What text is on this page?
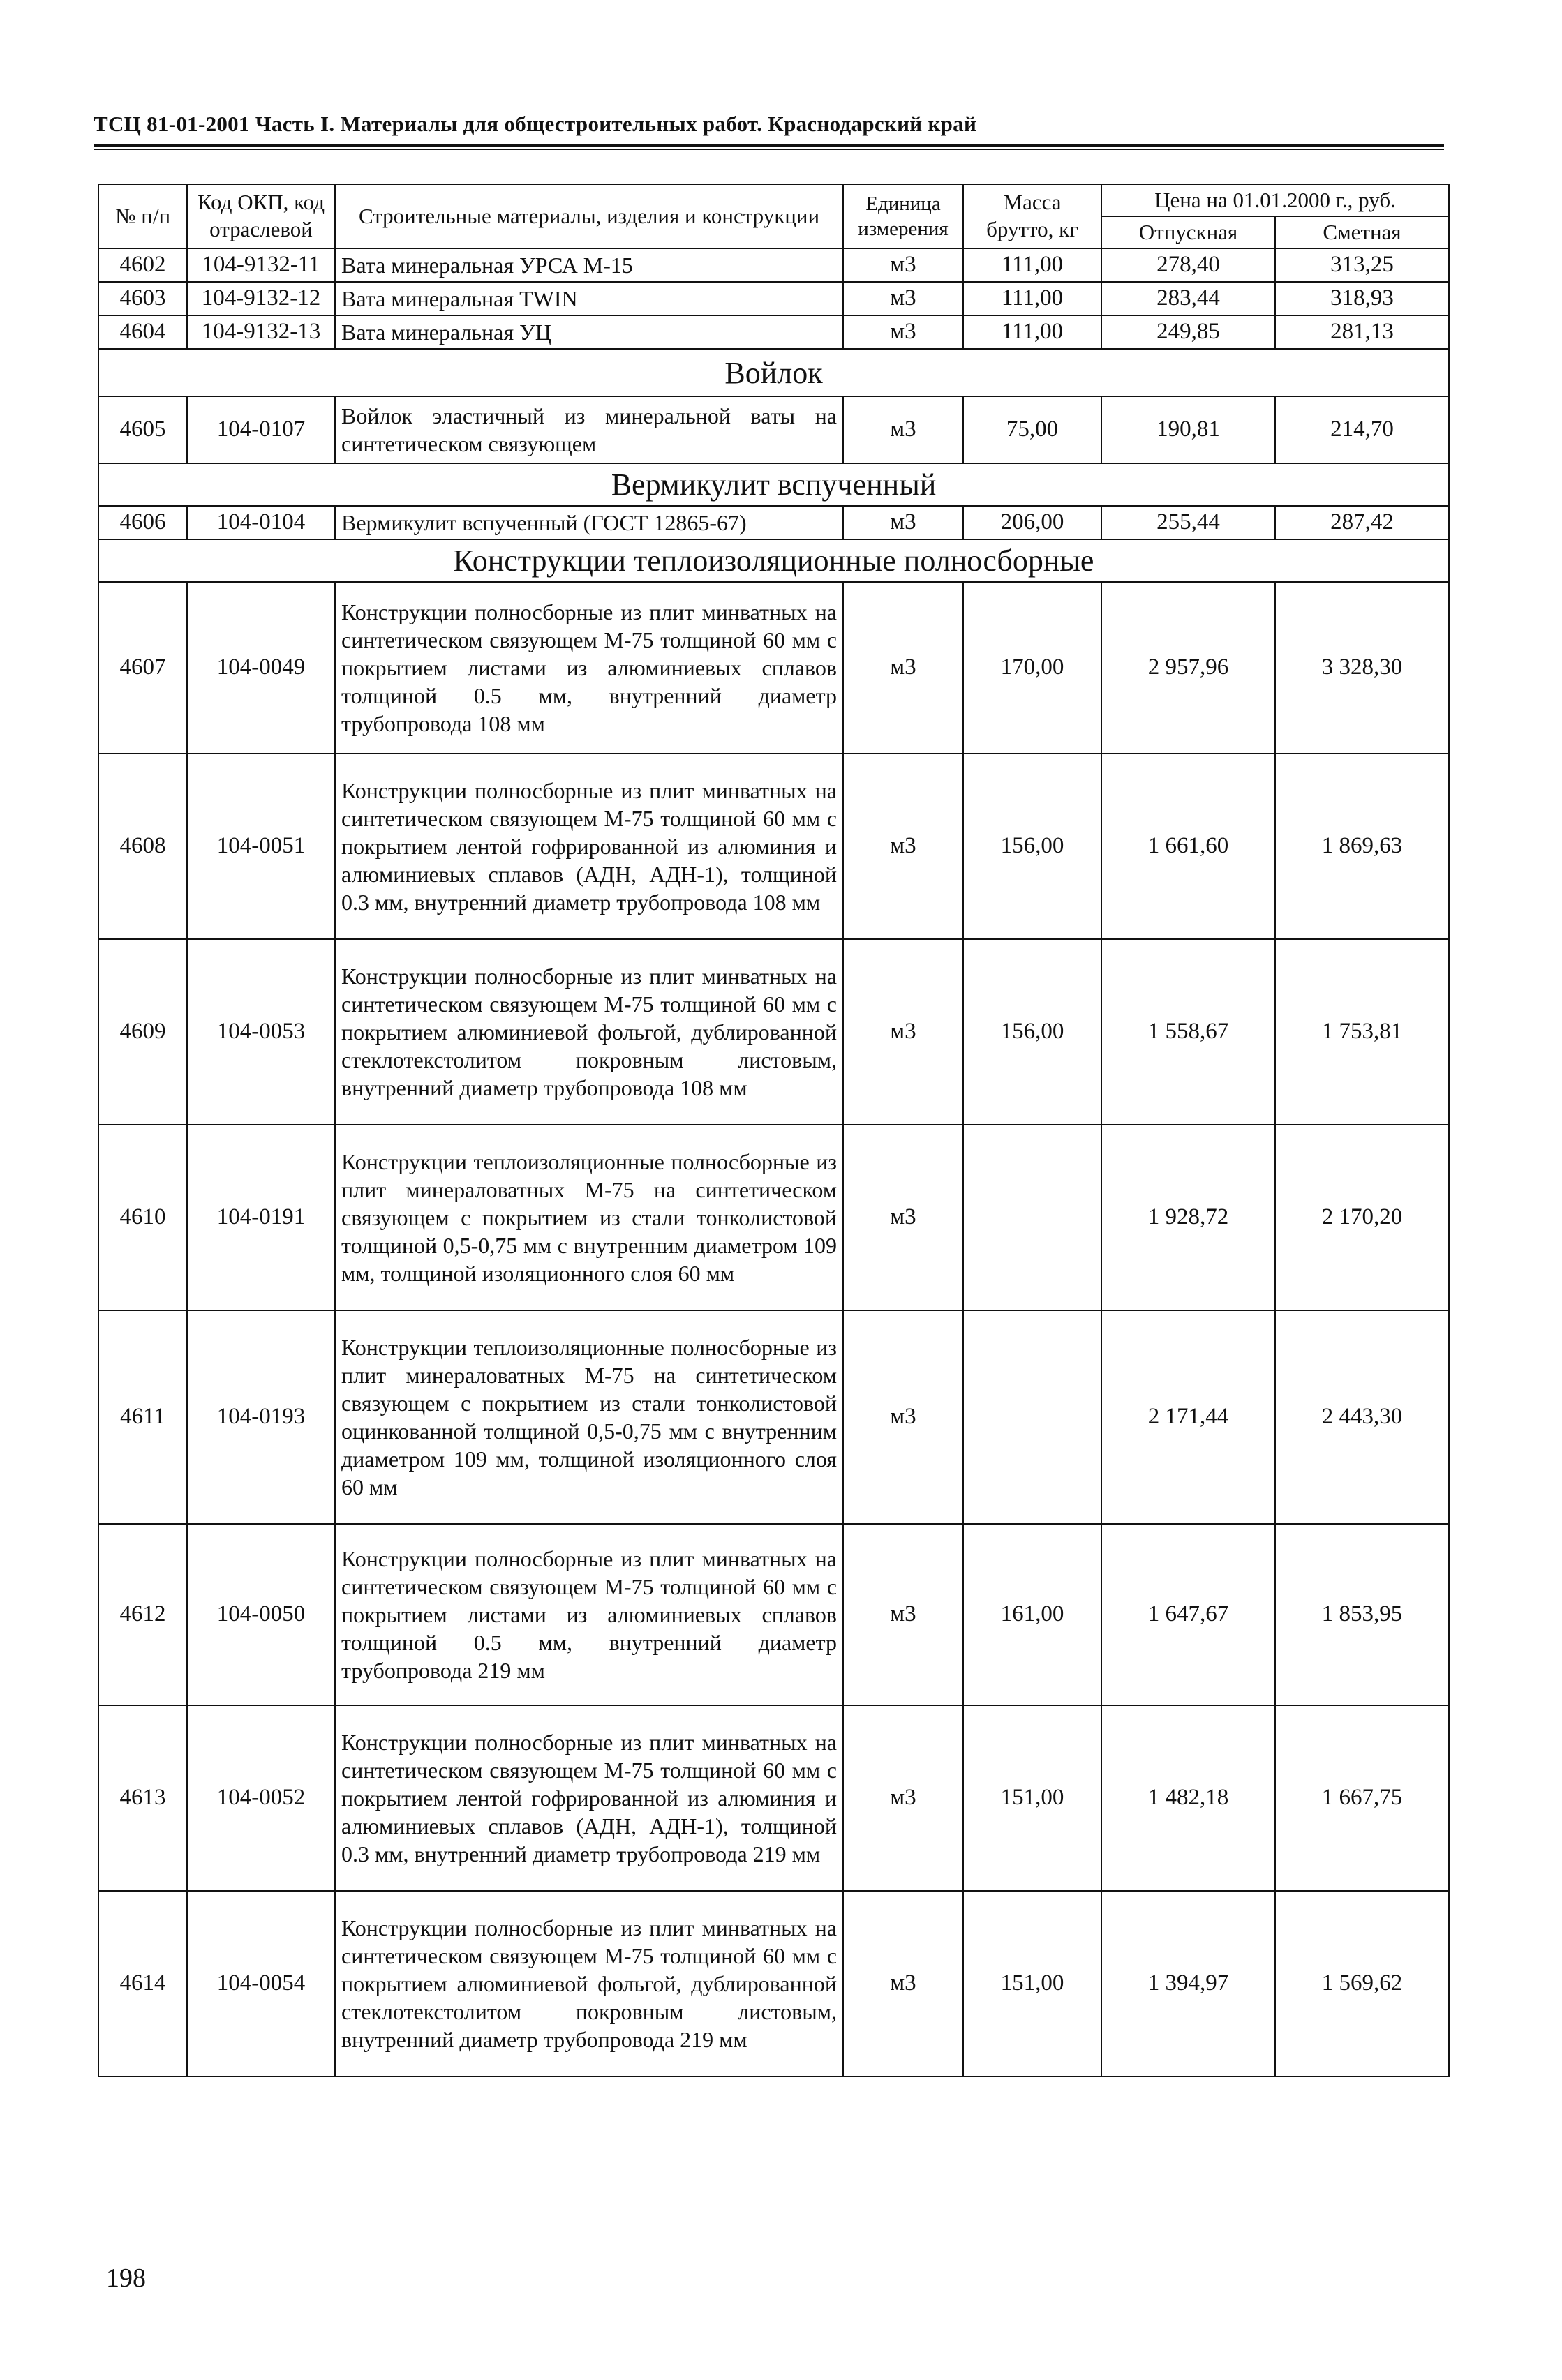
ТСЦ 81-01-2001 Часть I. Материалы для общестроительных работ. Краснодарский край
№ п/п	Код ОКП, код отраслевой	Строительные материалы, изделия и конструкции	Единица измерения	Масса брутто, кг	Цена на 01.01.2000 г., руб.	
					Отпускная	Сметная
4602	104-9132-11	Вата минеральная УРСА М-15	м3	111,00	278,40	313,25
4603	104-9132-12	Вата минеральная TWIN	м3	111,00	283,44	318,93
4604	104-9132-13	Вата минеральная УЦ	м3	111,00	249,85	281,13
Войлок						
4605	104-0107	Войлок эластичный из минеральной ваты на синтетическом связующем	м3	75,00	190,81	214,70
Вермикулит вспученный						
4606	104-0104	Вермикулит вспученный (ГОСТ 12865-67)	м3	206,00	255,44	287,42
Конструкции теплоизоляционные полносборные						
4607	104-0049	Конструкции полносборные из плит минватных на синтетическом связующем М-75 толщиной 60 мм с покрытием листами из алюминиевых сплавов толщиной 0.5 мм, внутренний диаметр трубопровода 108 мм	м3	170,00	2 957,96	3 328,30
4608	104-0051	Конструкции полносборные из плит минватных на синтетическом связующем М-75 толщиной 60 мм с покрытием лентой гофрированной из алюминия и алюминиевых сплавов (АДН, АДН-1), толщиной 0.3 мм, внутренний диаметр трубопровода 108 мм	м3	156,00	1 661,60	1 869,63
4609	104-0053	Конструкции полносборные из плит минватных на синтетическом связующем М-75 толщиной 60 мм с покрытием алюминиевой фольгой, дублированной стеклотекстолитом покровным листовым, внутренний диаметр трубопровода 108 мм	м3	156,00	1 558,67	1 753,81
4610	104-0191	Конструкции теплоизоляционные полносборные из плит минераловатных М-75 на синтетическом связующем с покрытием из стали тонколистовой толщиной 0,5-0,75 мм с внутренним диаметром 109 мм, толщиной изоляционного слоя 60 мм	м3		1 928,72	2 170,20
4611	104-0193	Конструкции теплоизоляционные полносборные из плит минераловатных М-75 на синтетическом связующем с покрытием из стали тонколистовой оцинкованной толщиной 0,5-0,75 мм с внутренним диаметром 109 мм, толщиной изоляционного слоя 60 мм	м3		2 171,44	2 443,30
4612	104-0050	Конструкции полносборные из плит минватных на синтетическом связующем М-75 толщиной 60 мм с покрытием листами из алюминиевых сплавов толщиной 0.5 мм, внутренний диаметр трубопровода 219 мм	м3	161,00	1 647,67	1 853,95
4613	104-0052	Конструкции полносборные из плит минватных на синтетическом связующем М-75 толщиной 60 мм с покрытием лентой гофрированной из алюминия и алюминиевых сплавов (АДН, АДН-1), толщиной 0.3 мм, внутренний диаметр трубопровода 219 мм	м3	151,00	1 482,18	1 667,75
4614	104-0054	Конструкции полносборные из плит минватных на синтетическом связующем М-75 толщиной 60 мм с покрытием алюминиевой фольгой, дублированной стеклотекстолитом покровным листовым, внутренний диаметр трубопровода 219 мм	м3	151,00	1 394,97	1 569,62
198
